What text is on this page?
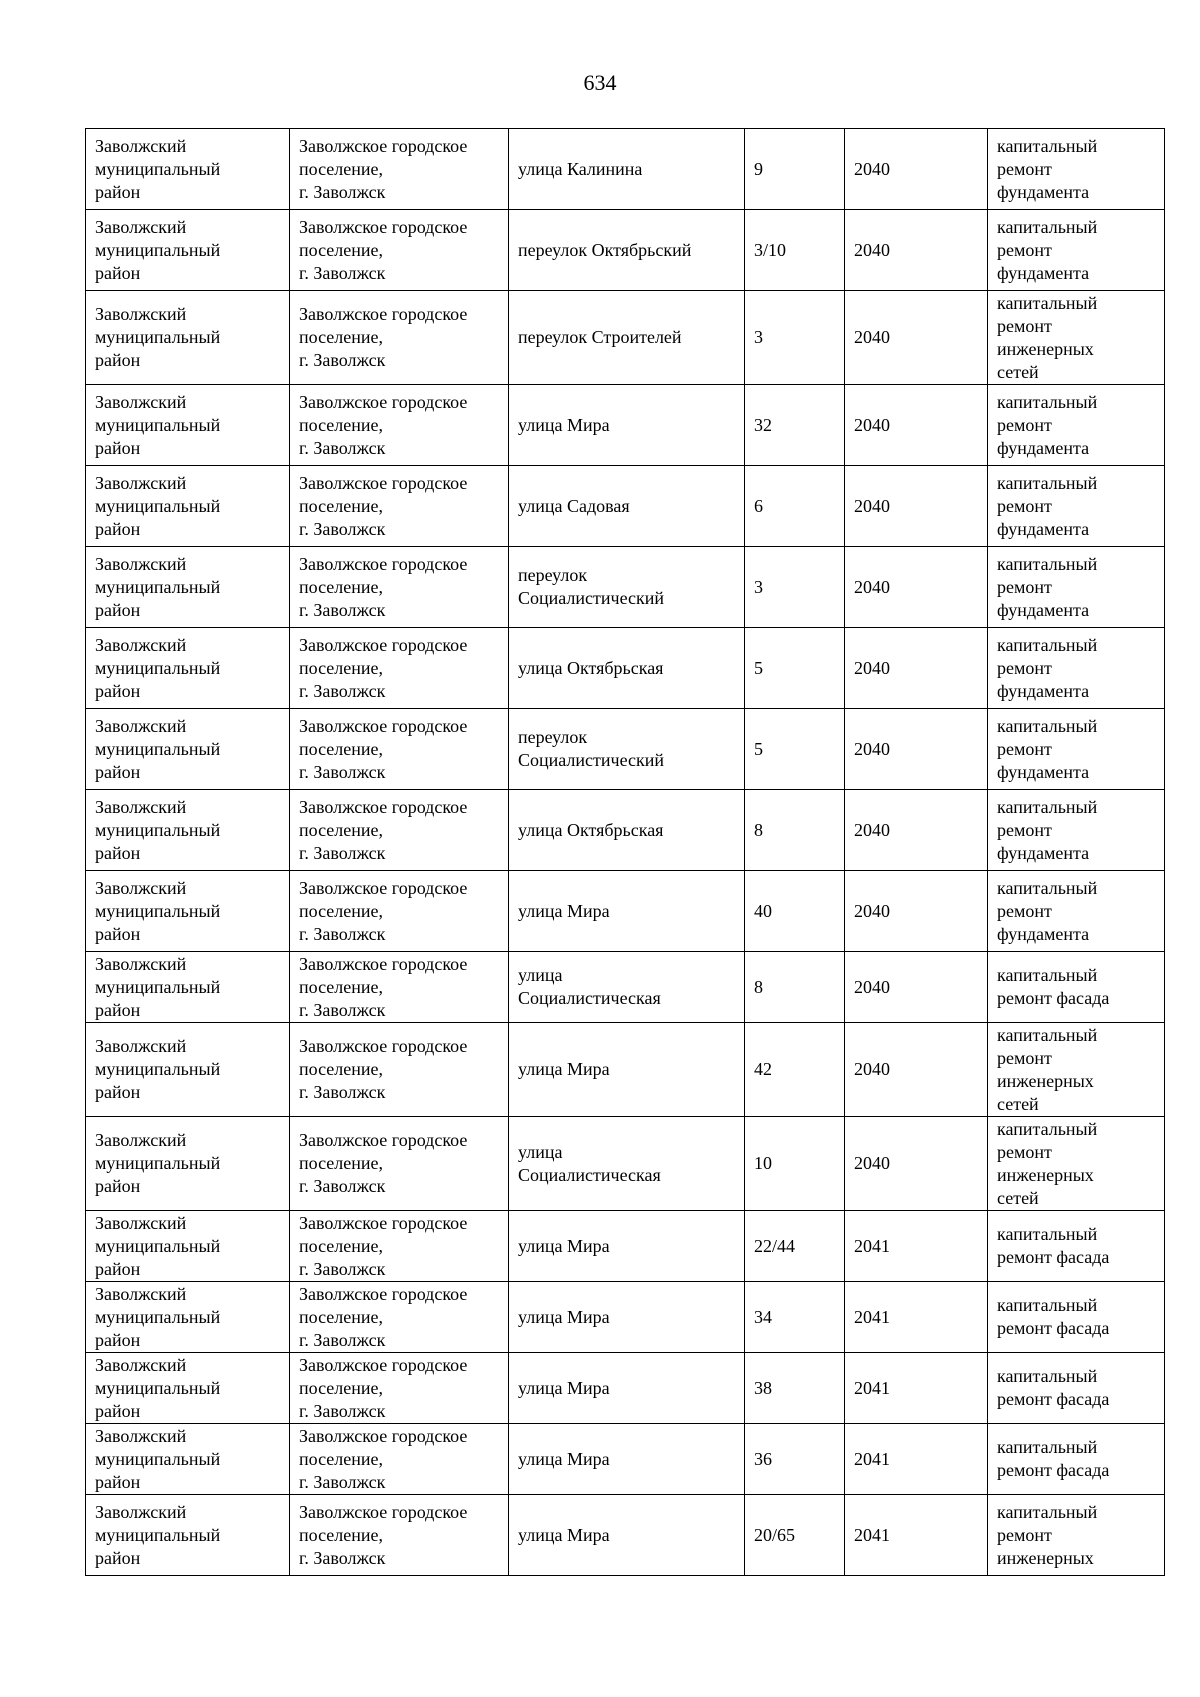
634
Заволжский
муниципальный
район	Заволжское городское
поселение,
г. Заволжск	улица Калинина	9	2040	капитальный
ремонт
фундамента
Заволжский
муниципальный
район	Заволжское городское
поселение,
г. Заволжск	переулок Октябрьский	3/10	2040	капитальный
ремонт
фундамента
Заволжский
муниципальный
район	Заволжское городское
поселение,
г. Заволжск	переулок Строителей	3	2040	капитальный
ремонт
инженерных
сетей
Заволжский
муниципальный
район	Заволжское городское
поселение,
г. Заволжск	улица Мира	32	2040	капитальный
ремонт
фундамента
Заволжский
муниципальный
район	Заволжское городское
поселение,
г. Заволжск	улица Садовая	6	2040	капитальный
ремонт
фундамента
Заволжский
муниципальный
район	Заволжское городское
поселение,
г. Заволжск	переулок
Социалистический	3	2040	капитальный
ремонт
фундамента
Заволжский
муниципальный
район	Заволжское городское
поселение,
г. Заволжск	улица Октябрьская	5	2040	капитальный
ремонт
фундамента
Заволжский
муниципальный
район	Заволжское городское
поселение,
г. Заволжск	переулок
Социалистический	5	2040	капитальный
ремонт
фундамента
Заволжский
муниципальный
район	Заволжское городское
поселение,
г. Заволжск	улица Октябрьская	8	2040	капитальный
ремонт
фундамента
Заволжский
муниципальный
район	Заволжское городское
поселение,
г. Заволжск	улица Мира	40	2040	капитальный
ремонт
фундамента
Заволжский
муниципальный
район	Заволжское городское
поселение,
г. Заволжск	улица
Социалистическая	8	2040	капитальный
ремонт фасада
Заволжский
муниципальный
район	Заволжское городское
поселение,
г. Заволжск	улица Мира	42	2040	капитальный
ремонт
инженерных
сетей
Заволжский
муниципальный
район	Заволжское городское
поселение,
г. Заволжск	улица
Социалистическая	10	2040	капитальный
ремонт
инженерных
сетей
Заволжский
муниципальный
район	Заволжское городское
поселение,
г. Заволжск	улица Мира	22/44	2041	капитальный
ремонт фасада
Заволжский
муниципальный
район	Заволжское городское
поселение,
г. Заволжск	улица Мира	34	2041	капитальный
ремонт фасада
Заволжский
муниципальный
район	Заволжское городское
поселение,
г. Заволжск	улица Мира	38	2041	капитальный
ремонт фасада
Заволжский
муниципальный
район	Заволжское городское
поселение,
г. Заволжск	улица Мира	36	2041	капитальный
ремонт фасада
Заволжский
муниципальный
район	Заволжское городское
поселение,
г. Заволжск	улица Мира	20/65	2041	капитальный
ремонт
инженерных
